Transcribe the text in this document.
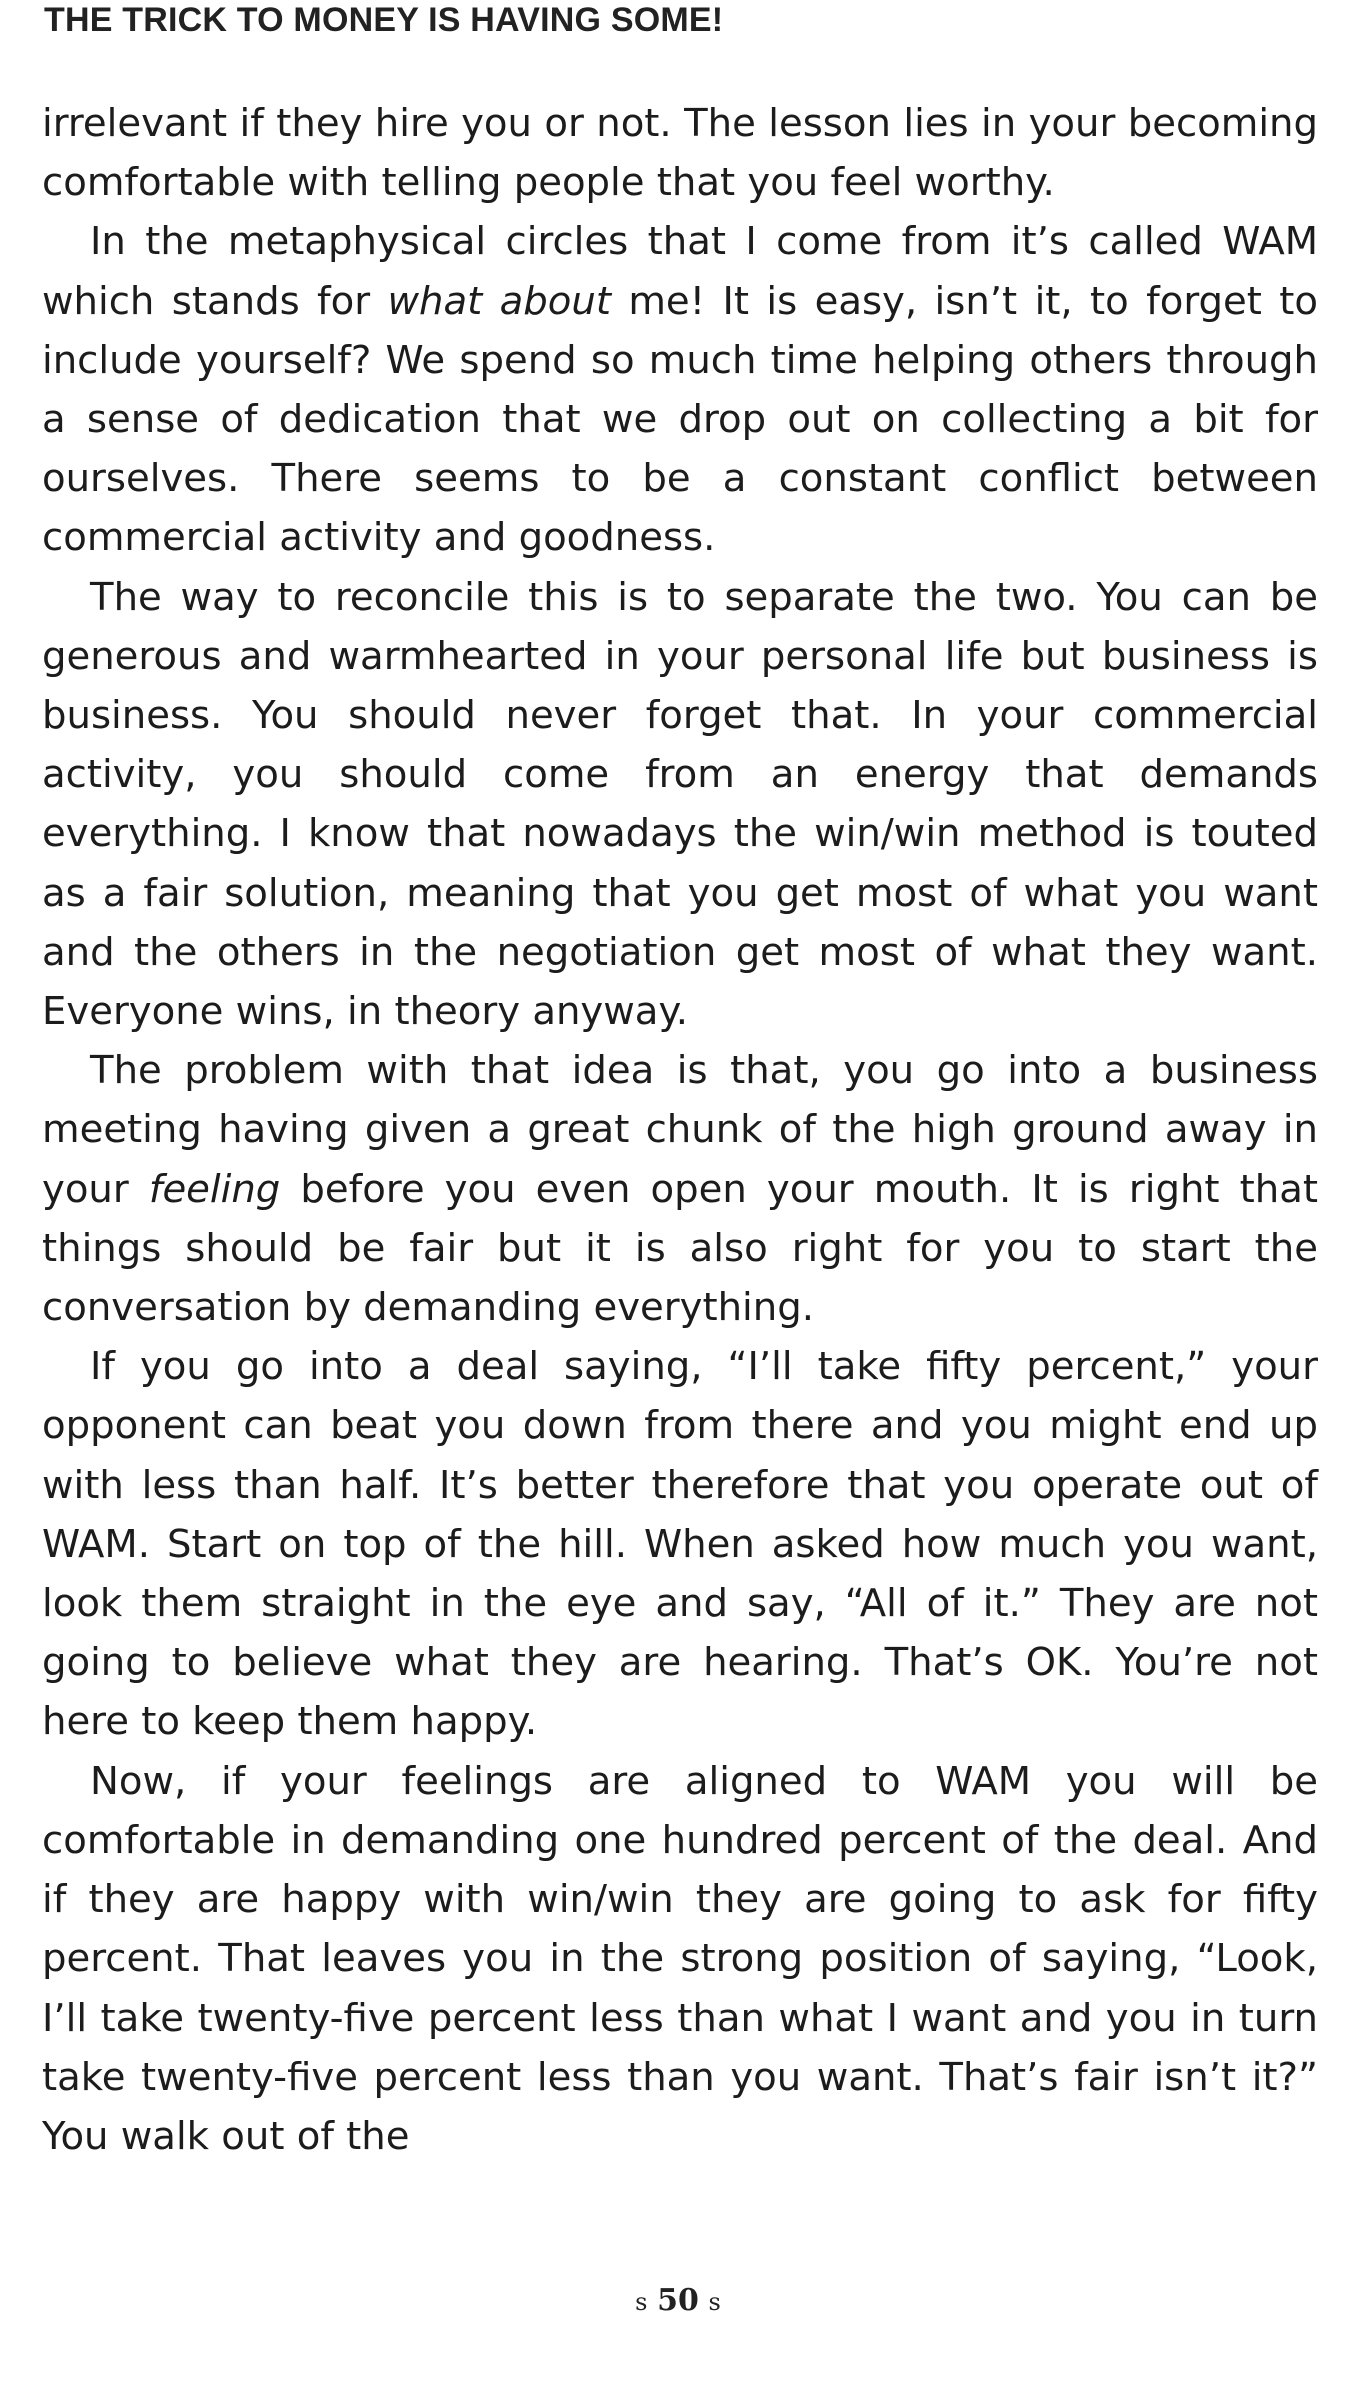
THE TRICK TO MONEY IS HAVING SOME!

irrelevant if they hire you or not. The lesson lies in your becoming comfortable with telling people that you feel worthy.

In the metaphysical circles that I come from it’s called WAM which stands for what about me! It is easy, isn’t it, to forget to include yourself? We spend so much time helping others through a sense of dedication that we drop out on collecting a bit for ourselves. There seems to be a constant conflict between commercial activity and goodness.

The way to reconcile this is to separate the two. You can be generous and warmhearted in your personal life but business is business. You should never forget that. In your commercial activity, you should come from an energy that demands everything. I know that nowadays the win/win method is touted as a fair solution, meaning that you get most of what you want and the others in the negotiation get most of what they want. Everyone wins, in theory anyway.

The problem with that idea is that, you go into a business meeting having given a great chunk of the high ground away in your feeling before you even open your mouth. It is right that things should be fair but it is also right for you to start the conversation by demanding everything.

If you go into a deal saying, “I’ll take fifty percent,” your opponent can beat you down from there and you might end up with less than half. It’s better therefore that you operate out of WAM. Start on top of the hill. When asked how much you want, look them straight in the eye and say, “All of it.” They are not going to believe what they are hearing. That’s OK. You’re not here to keep them happy.

Now, if your feelings are aligned to WAM you will be comfortable in demanding one hundred percent of the deal. And if they are happy with win/win they are going to ask for fifty percent. That leaves you in the strong position of saying, “Look, I’ll take twenty-five percent less than what I want and you in turn take twenty-five percent less than you want. That’s fair isn’t it?” You walk out of the

s 50 s
